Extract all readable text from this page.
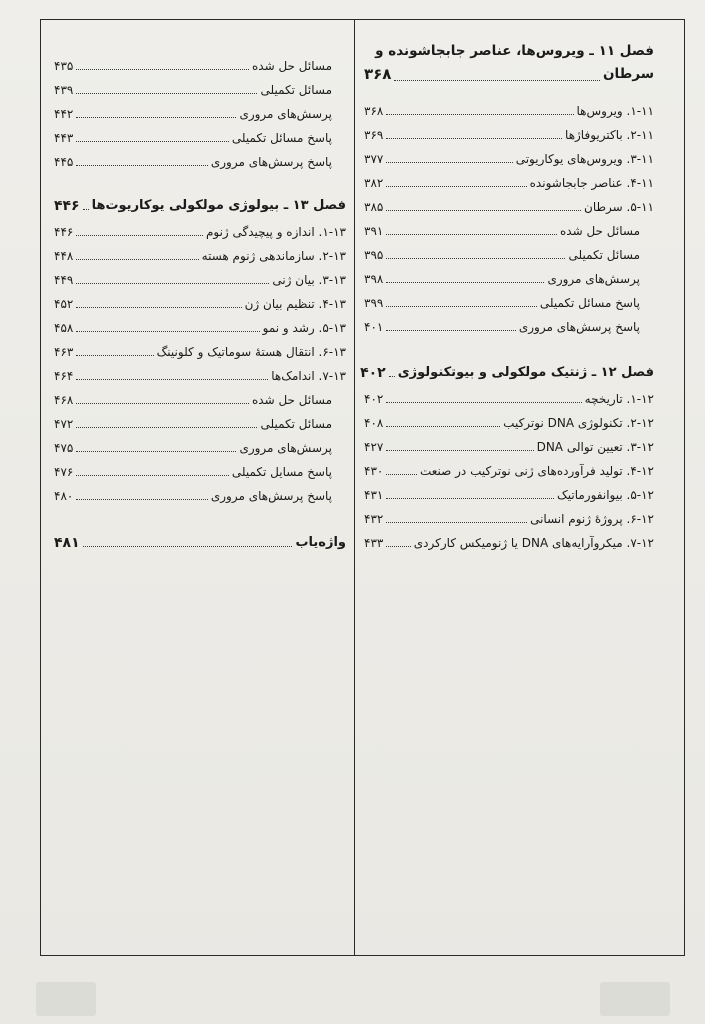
فصل ۱۱ ـ ویروس‌ها، عناصر جابجاشونده و
سرطان
۳۶۸
۱-۱۱. ویروس‌ها
۳۶۸
۲-۱۱. باکتریوفاژها
۳۶۹
۳-۱۱. ویروس‌های یوکاریوتی
۳۷۷
۴-۱۱. عناصر جابجاشونده
۳۸۲
۵-۱۱. سرطان
۳۸۵
مسائل حل شده
۳۹۱
مسائل تکمیلی
۳۹۵
پرسش‌های مروری
۳۹۸
پاسخ مسائل تکمیلی
۳۹۹
پاسخ پرسش‌های مروری
۴۰۱
فصل ۱۲ ـ ژنتیک مولکولی و بیوتکنولوژی
۴۰۲
۱-۱۲. تاریخچه
۴۰۲
۲-۱۲. تکنولوژی DNA نوترکیب
۴۰۸
۳-۱۲. تعیین توالی DNA
۴۲۷
۴-۱۲. تولید فرآورده‌های ژنی نوترکیب در صنعت
۴۳۰
۵-۱۲. بیوانفورماتیک
۴۳۱
۶-۱۲. پروژهٔ ژنوم انسانی
۴۳۲
۷-۱۲. میکروآرایه‌های DNA یا ژنومیکس کارکردی
۴۳۳
مسائل حل شده
۴۳۵
مسائل تکمیلی
۴۳۹
پرسش‌های مروری
۴۴۲
پاسخ مسائل تکمیلی
۴۴۳
پاسخ پرسش‌های مروری
۴۴۵
فصل ۱۳ ـ بیولوژی مولکولی یوکاریوت‌ها
۴۴۶
۱-۱۳. اندازه و پیچیدگی ژنوم
۴۴۶
۲-۱۳. سازماندهی ژنوم هسته
۴۴۸
۳-۱۳. بیان ژنی
۴۴۹
۴-۱۳. تنظیم بیان ژن
۴۵۲
۵-۱۳. رشد و نمو
۴۵۸
۶-۱۳. انتقال هستهٔ سوماتیک و کلونینگ
۴۶۳
۷-۱۳. اندامک‌ها
۴۶۴
مسائل حل شده
۴۶۸
مسائل تکمیلی
۴۷۲
پرسش‌های مروری
۴۷۵
پاسخ مسایل تکمیلی
۴۷۶
پاسخ پرسش‌های مروری
۴۸۰
واژه‌یاب
۴۸۱
